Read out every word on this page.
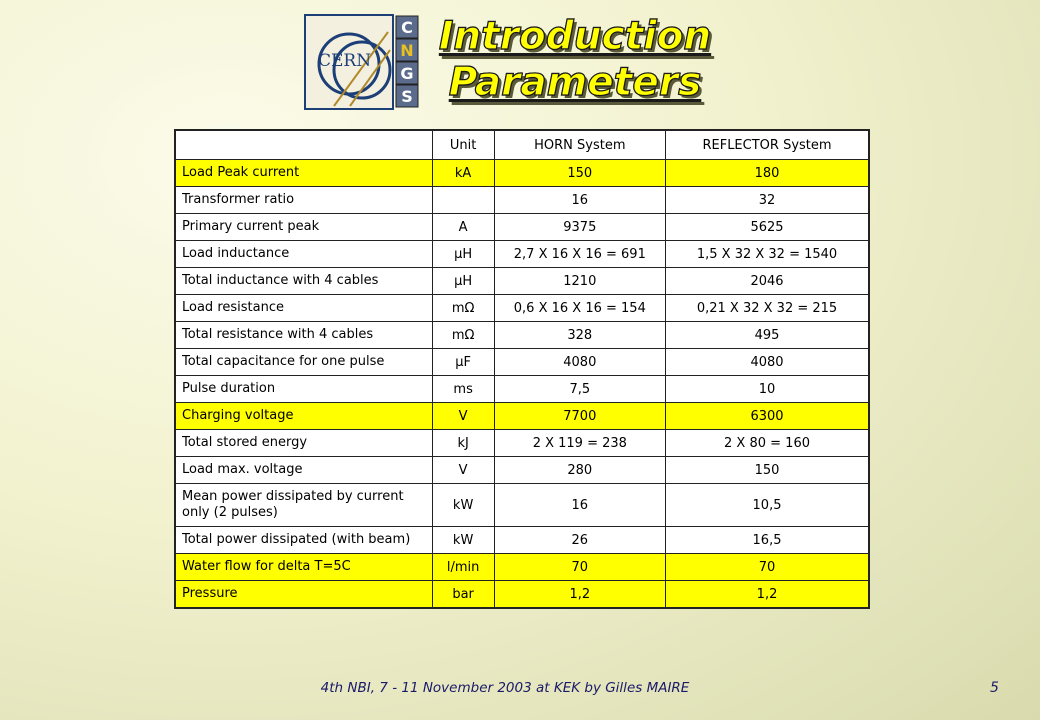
CERN
C
N
G
S
Introduction
Parameters
	Unit	HORN System	REFLECTOR System
Load Peak current	kA	150	180
Transformer ratio		16	32
Primary current peak	A	9375	5625
Load inductance	µH	2,7 X 16 X 16 = 691	1,5 X 32 X 32 = 1540
Total inductance with 4 cables	µH	1210	2046
Load resistance	mΩ	0,6 X 16 X 16 = 154	0,21 X 32 X 32 = 215
Total resistance with 4 cables	mΩ	328	495
Total capacitance for one pulse	µF	4080	4080
Pulse duration	ms	7,5	10
Charging voltage	V	7700	6300
Total stored energy	kJ	2 X 119 = 238	2 X 80 = 160
Load max. voltage	V	280	150
Mean power dissipated by current only (2 pulses)	kW	16	10,5
Total power dissipated (with beam)	kW	26	16,5
Water flow for delta T=5C	l/min	70	70
Pressure	bar	1,2	1,2
4th NBI, 7 - 11 November 2003 at KEK by Gilles MAIRE	5
